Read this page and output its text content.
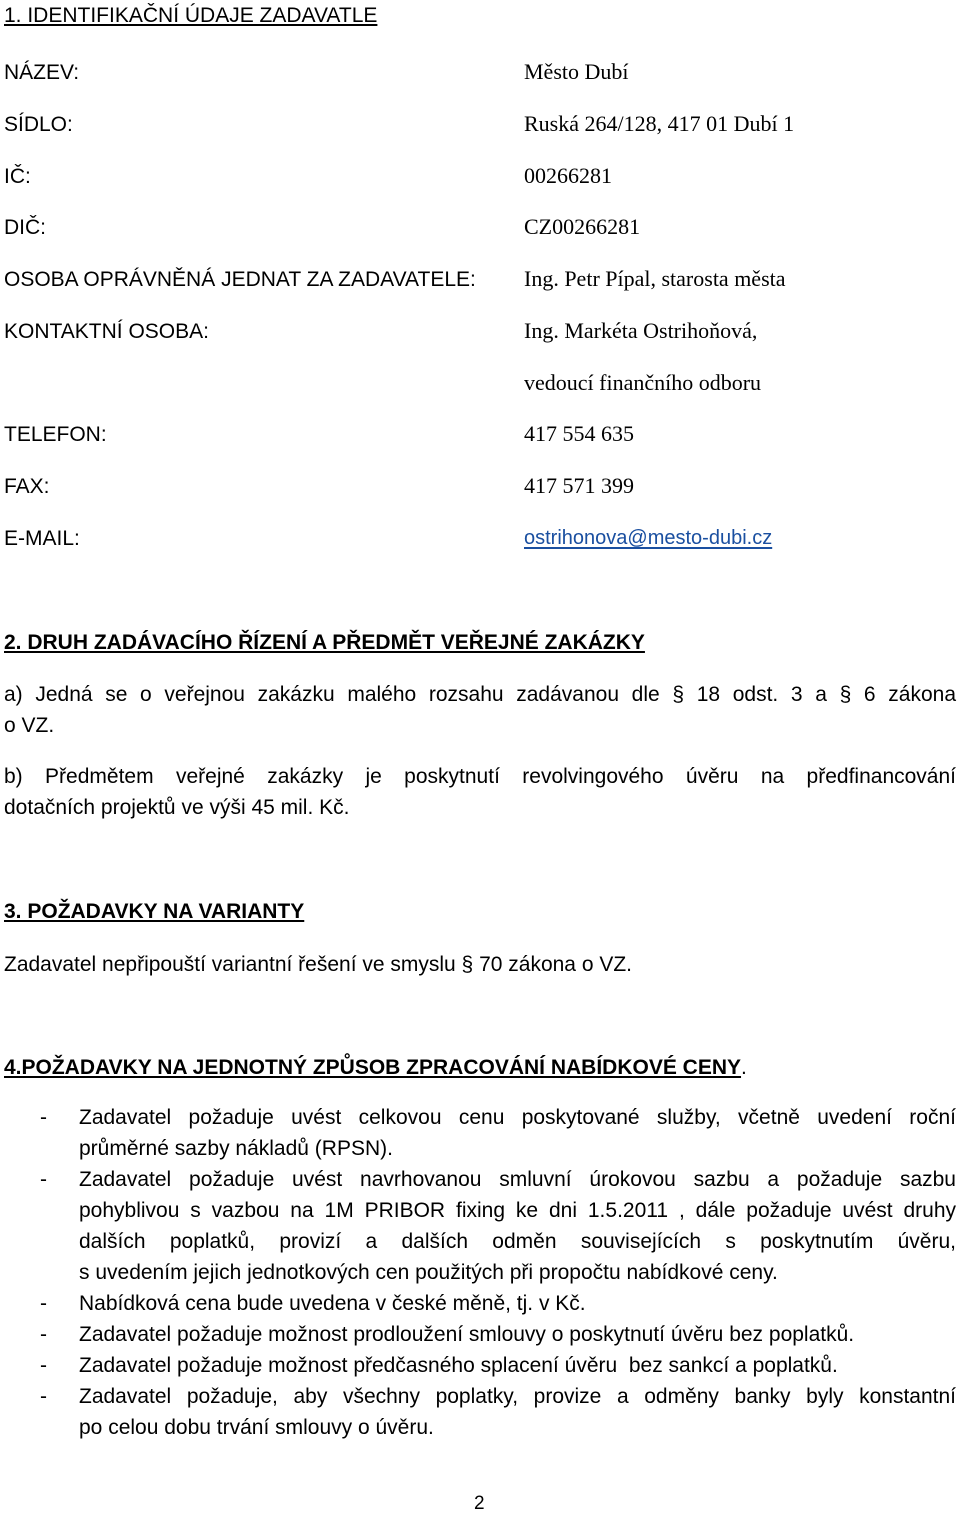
1. IDENTIFIKAČNÍ ÚDAJE ZADAVATLE
NÁZEV:	Město Dubí
SÍDLO:	Ruská 264/128, 417 01 Dubí 1
IČ:	00266281
DIČ:	CZ00266281
OSOBA OPRÁVNĚNÁ JEDNAT ZA ZADAVATELE: Ing. Petr Pípal, starosta města
KONTAKTNÍ OSOBA:	Ing. Markéta Ostrihoňová,
vedoucí finančního odboru
TELEFON:	417 554 635
FAX:	417 571 399
E-MAIL:	ostrihonova@mesto-dubi.cz
2. DRUH ZADÁVACÍHO ŘÍZENÍ A PŘEDMĚT VEŘEJNÉ ZAKÁZKY
a) Jedná se o veřejnou zakázku malého rozsahu zadávanou dle § 18 odst. 3 a § 6 zákona
o VZ.
b) Předmětem veřejné zakázky je poskytnutí revolvingového úvěru na předfinancování
dotačních projektů ve výši 45 mil. Kč.
3. POŽADAVKY NA VARIANTY
Zadavatel nepřipouští variantní řešení ve smyslu § 70 zákona o VZ.
4.POŽADAVKY NA JEDNOTNÝ ZPŮSOB ZPRACOVÁNÍ NABÍDKOVÉ CENY.
- Zadavatel požaduje uvést celkovou cenu poskytované služby, včetně uvedení roční
průměrné sazby nákladů (RPSN).
- Zadavatel požaduje uvést navrhovanou smluvní úrokovou sazbu a požaduje sazbu
pohyblivou s vazbou na 1M PRIBOR fixing ke dni 1.5.2011 , dále požaduje uvést druhy
dalších poplatků, provizí a dalších odměn souvisejících s poskytnutím úvěru,
s uvedením jejich jednotkových cen použitých při propočtu nabídkové ceny.
- Nabídková cena bude uvedena v české měně, tj. v Kč.
- Zadavatel požaduje možnost prodloužení smlouvy o poskytnutí úvěru bez poplatků.
- Zadavatel požaduje možnost předčasného splacení úvěru  bez sankcí a poplatků.
- Zadavatel požaduje, aby všechny poplatky, provize a odměny banky byly konstantní
po celou dobu trvání smlouvy o úvěru.
2
